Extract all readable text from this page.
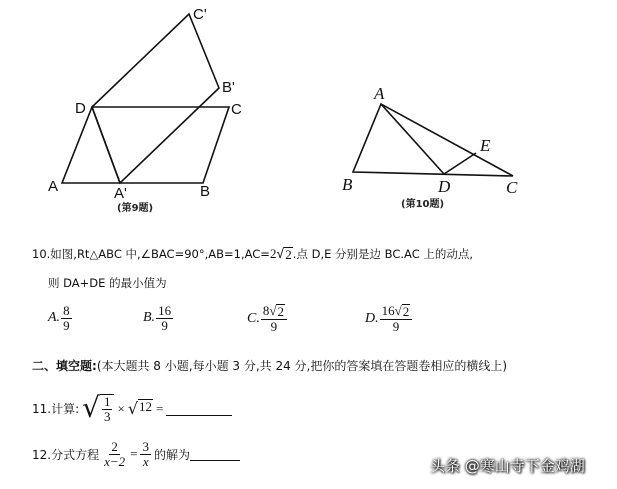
A	A'	B
C
D
B'
C'
(第9题)
A
B	C
D
E
(第10题)
10.如图,Rt△ABC 中,∠BAC=90°,AB=1,AC=2 √ 2 .点 D,E 分别是边 BC.AC 上的动点,
则 DA+DE 的最小值为
A. $\frac{8}{9}$	B. $\frac{16}{9}$	C. $\frac{8 √ 2}{9}$	D. $\frac{16 √ 2}{9}$
二、填空题:(本大题共 8 小题,每小题 3 分,共 24 分,把你的答案填在答题卷相应的横线上)
11.计算: √ $\frac{1}{3}$ × √ 12 =
12.分式方程 $\frac{2}{x-2} = \frac{3}{x}$ 的解为
头条 @寒山寺下金鸡湖
